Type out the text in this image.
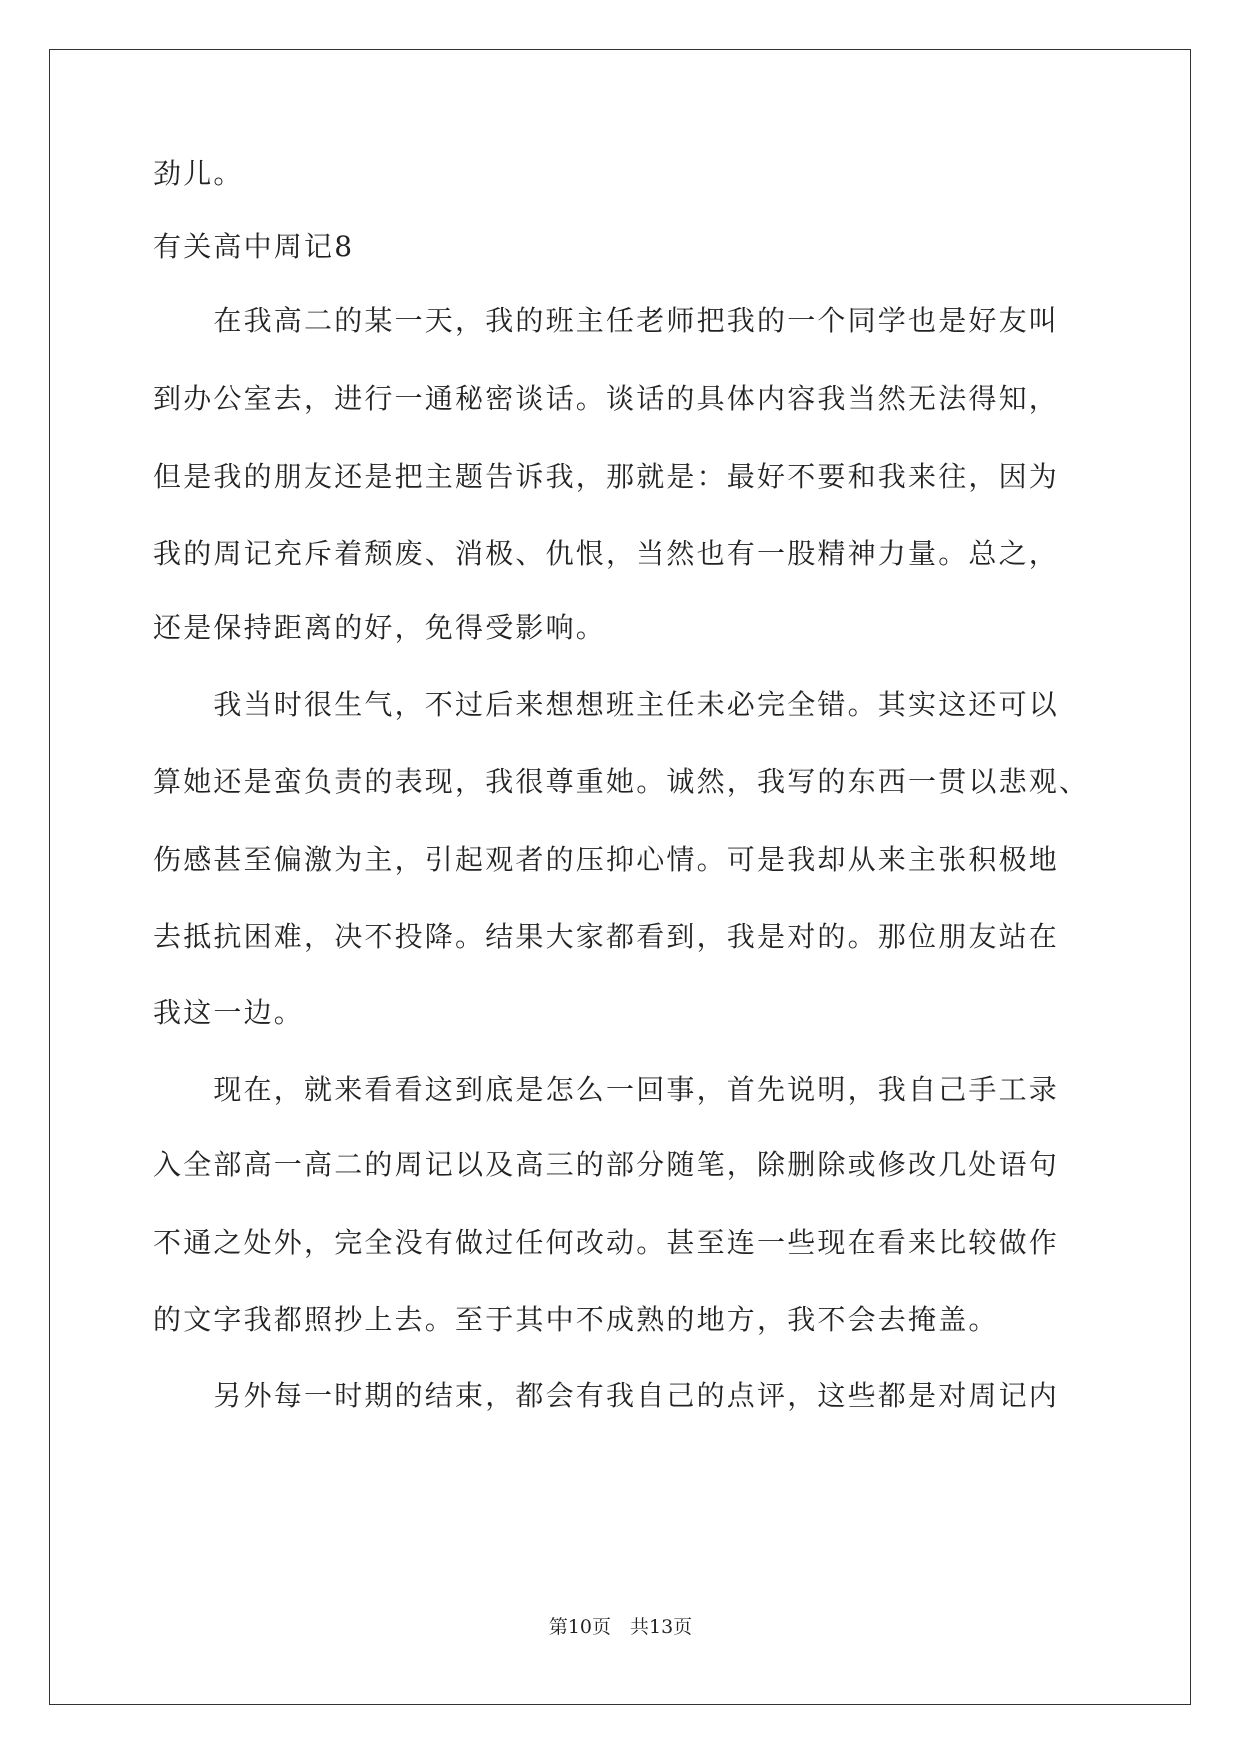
劲儿。
有关高中周记8
　　在我高二的某一天，我的班主任老师把我的一个同学也是好友叫
到办公室去，进行一通秘密谈话。谈话的具体内容我当然无法得知，
但是我的朋友还是把主题告诉我，那就是：最好不要和我来往，因为
我的周记充斥着颓废、消极、仇恨，当然也有一股精神力量。总之，
还是保持距离的好，免得受影响。
　　我当时很生气，不过后来想想班主任未必完全错。其实这还可以
算她还是蛮负责的表现，我很尊重她。诚然，我写的东西一贯以悲观、
伤感甚至偏激为主，引起观者的压抑心情。可是我却从来主张积极地
去抵抗困难，决不投降。结果大家都看到，我是对的。那位朋友站在
我这一边。
　　现在，就来看看这到底是怎么一回事，首先说明，我自己手工录
入全部高一高二的周记以及高三的部分随笔，除删除或修改几处语句
不通之处外，完全没有做过任何改动。甚至连一些现在看来比较做作
的文字我都照抄上去。至于其中不成熟的地方，我不会去掩盖。
　　另外每一时期的结束，都会有我自己的点评，这些都是对周记内
第10页　共13页
